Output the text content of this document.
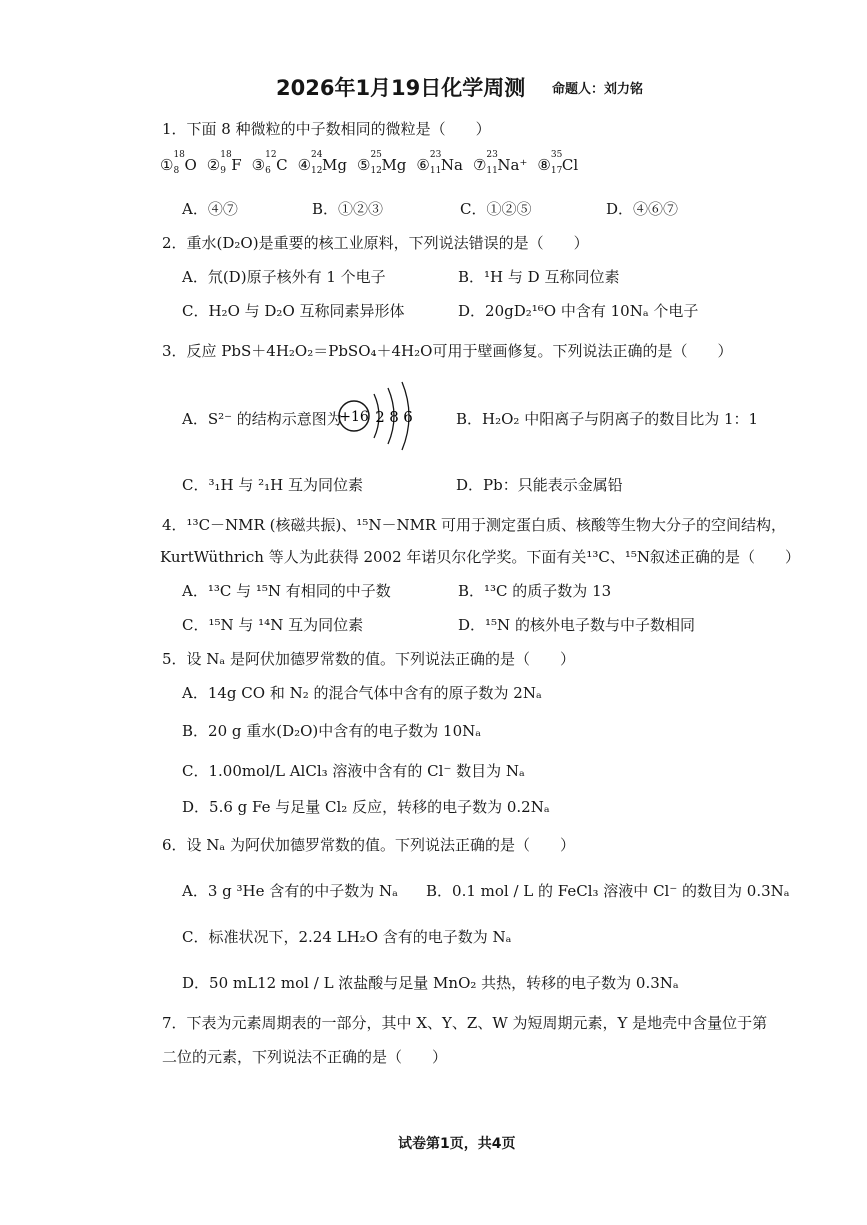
2026年1月19日化学周测 命题人：刘力铭
1．下面 8 种微粒的中子数相同的微粒是（　　）
①
18
8 O ②
18
9 F ③
12
6 C ④
24
12 Mg ⑤
25
12 Mg ⑥
23
11 Na ⑦
23
11 Na⁺ ⑧
35
17 Cl
A．④⑦	B．①②③	C．①②⑤	D．④⑥⑦
2．重水(D₂O)是重要的核工业原料，下列说法错误的是（　　）
A．氘(D)原子核外有 1 个电子	B．¹H 与 D 互称同位素
C．H₂O 与 D₂O 互称同素异形体	D．20gD₂¹⁶O 中含有 10Nₐ 个电子
3．反应 PbS＋4H₂O₂＝PbSO₄＋4H₂O可用于壁画修复。下列说法正确的是（　　）
A．S²⁻ 的结构示意图为
+16 2 8 6	B．H₂O₂ 中阳离子与阴离子的数目比为 1：1
C．³₁H 与 ²₁H 互为同位素	D．Pb：只能表示金属铅
4．¹³C－NMR (核磁共振)、¹⁵N－NMR 可用于测定蛋白质、核酸等生物大分子的空间结构，
KurtWüthrich 等人为此获得 2002 年诺贝尔化学奖。下面有关¹³C、¹⁵N叙述正确的是（　　）
A．¹³C 与 ¹⁵N 有相同的中子数	B．¹³C 的质子数为 13
C．¹⁵N 与 ¹⁴N 互为同位素	D．¹⁵N 的核外电子数与中子数相同
5．设 Nₐ 是阿伏加德罗常数的值。下列说法正确的是（　　）
A．14g CO 和 N₂ 的混合气体中含有的原子数为 2Nₐ
B．20 g 重水(D₂O)中含有的电子数为 10Nₐ
C．1.00mol/L AlCl₃ 溶液中含有的 Cl⁻ 数目为 Nₐ
D．5.6 g Fe 与足量 Cl₂ 反应，转移的电子数为 0.2Nₐ
6．设 Nₐ 为阿伏加德罗常数的值。下列说法正确的是（　　）
A．3 g ³He 含有的中子数为 Nₐ B．0.1 mol / L 的 FeCl₃ 溶液中 Cl⁻ 的数目为 0.3Nₐ
C．标准状况下，2.24 LH₂O 含有的电子数为 Nₐ
D．50 mL12 mol / L 浓盐酸与足量 MnO₂ 共热，转移的电子数为 0.3Nₐ
7．下表为元素周期表的一部分，其中 X、Y、Z、W 为短周期元素，Y 是地壳中含量位于第
二位的元素，下列说法不正确的是（　　）
试卷第1页，共4页
